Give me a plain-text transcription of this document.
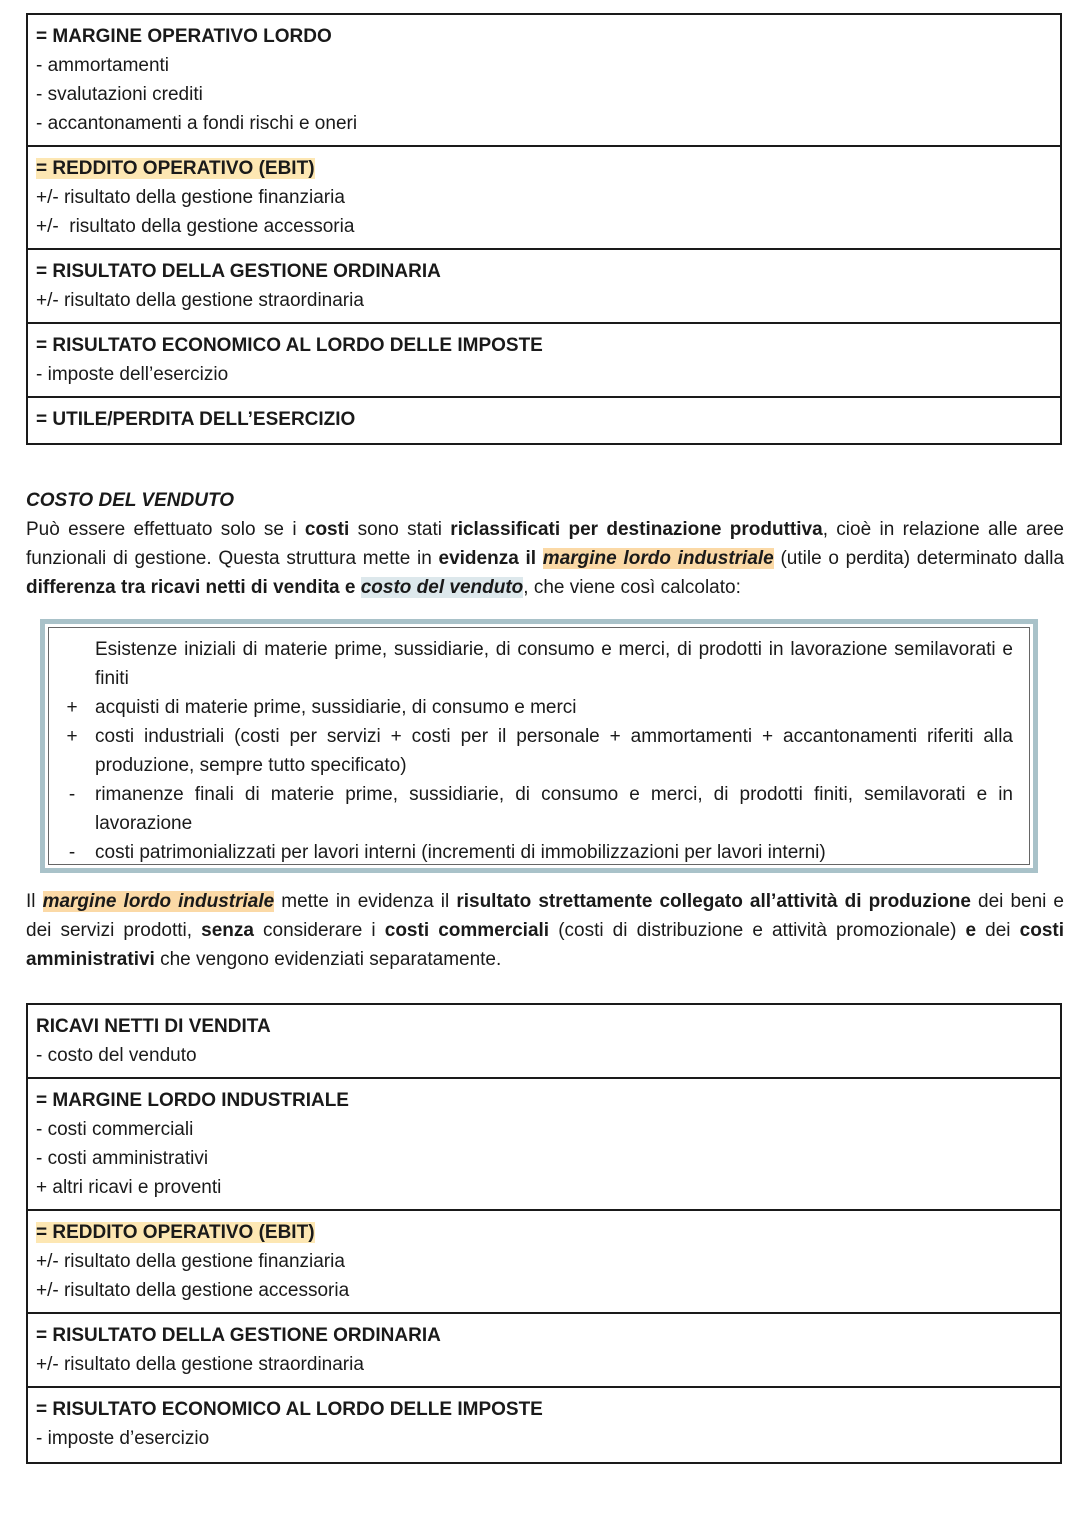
= MARGINE OPERATIVO LORDO
- ammortamenti
- svalutazioni crediti
- accantonamenti a fondi rischi e oneri
= REDDITO OPERATIVO (EBIT)
+/- risultato della gestione finanziaria
+/-  risultato della gestione accessoria
= RISULTATO DELLA GESTIONE ORDINARIA
+/- risultato della gestione straordinaria
= RISULTATO ECONOMICO AL LORDO DELLE IMPOSTE
- imposte dell’esercizio
= UTILE/PERDITA DELL’ESERCIZIO
COSTO DEL VENDUTO
Può essere effettuato solo se i costi sono stati riclassificati per destinazione produttiva, cioè in relazione alle aree funzionali di gestione. Questa struttura mette in evidenza il margine lordo industriale (utile o perdita) determinato dalla differenza tra ricavi netti di vendita e costo del venduto, che viene così calcolato:
Esistenze iniziali di materie prime, sussidiarie, di consumo e merci, di prodotti in lavorazione semilavorati e finiti
+ acquisti di materie prime, sussidiarie, di consumo e merci
+ costi industriali (costi per servizi + costi per il personale + ammortamenti + accantonamenti riferiti alla produzione, sempre tutto specificato)
-	rimanenze finali di materie prime, sussidiarie, di consumo e merci, di prodotti finiti, semilavorati e in lavorazione
-	costi patrimonializzati per lavori interni (incrementi di immobilizzazioni per lavori interni)
Il margine lordo industriale mette in evidenza il risultato strettamente collegato all’attività di produzione dei beni e dei servizi prodotti, senza considerare i costi commerciali (costi di distribuzione e attività promozionale) e dei costi amministrativi che vengono evidenziati separatamente.
RICAVI NETTI DI VENDITA
- costo del venduto
= MARGINE LORDO INDUSTRIALE
- costi commerciali
- costi amministrativi
+ altri ricavi e proventi
= REDDITO OPERATIVO (EBIT)
+/- risultato della gestione finanziaria
+/- risultato della gestione accessoria
= RISULTATO DELLA GESTIONE ORDINARIA
+/- risultato della gestione straordinaria
= RISULTATO ECONOMICO AL LORDO DELLE IMPOSTE
- imposte d’esercizio
